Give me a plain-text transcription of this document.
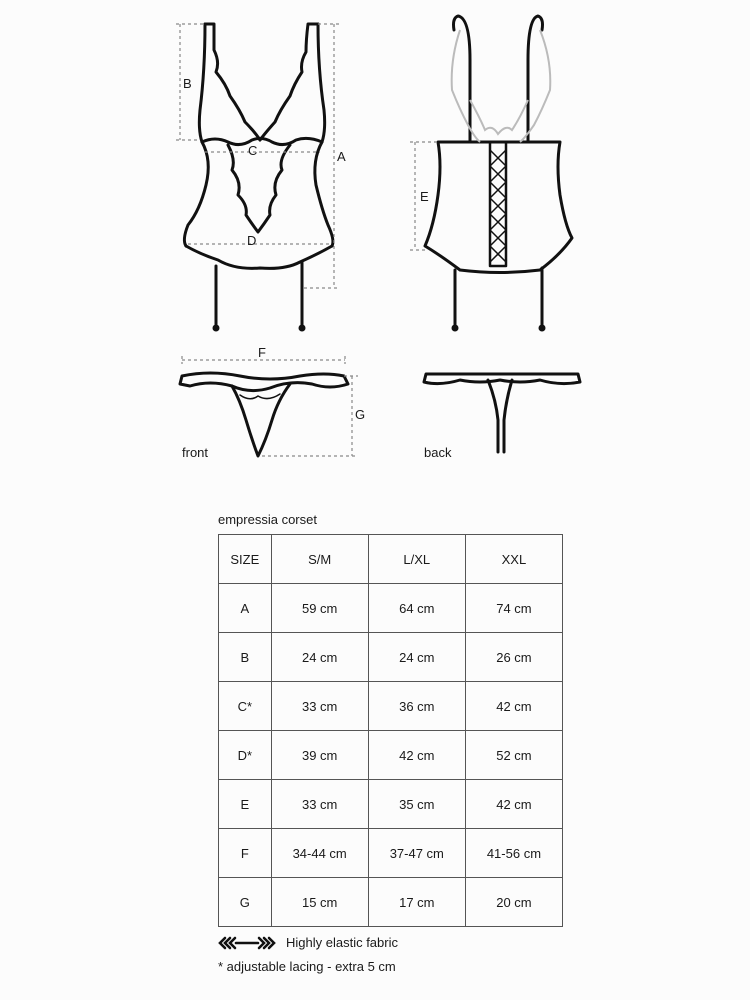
B
A
C
D
E
F
G
front	back
empressia corset
SIZE	S/M	L/XL	XXL
A	59 cm	64 cm	74 cm
B	24 cm	24 cm	26 cm
C*	33 cm	36 cm	42 cm
D*	39 cm	42 cm	52 cm
E	33 cm	35 cm	42 cm
F	34-44 cm	37-47 cm	41-56 cm
G	15 cm	17 cm	20 cm
Highly elastic fabric
* adjustable lacing - extra 5 cm
